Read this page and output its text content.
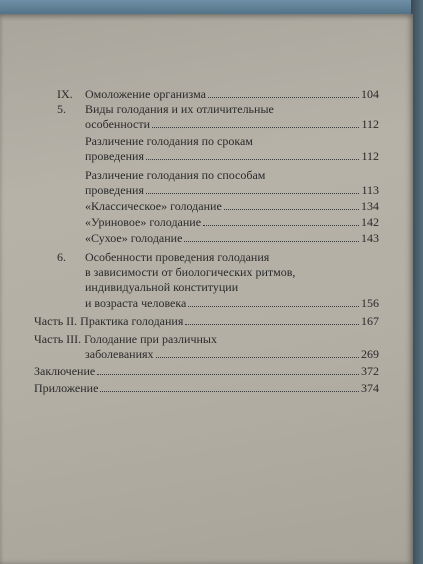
IX. Омоложение организма	104
5. Виды голодания и их отличительные
особенности	112
Различение голодания по срокам
проведения	112
Различение голодания по способам
проведения	113
«Классическое» голодание	134
«Уриновое» голодание	142
«Сухое» голодание	143
6. Особенности проведения голодания
в зависимости от биологических ритмов,
индивидуальной конституции
и возраста человека	156
Часть II. Практика голодания	167
Часть III. Голодание при различных
заболеваниях	269
Заключение	372
Приложение	374
